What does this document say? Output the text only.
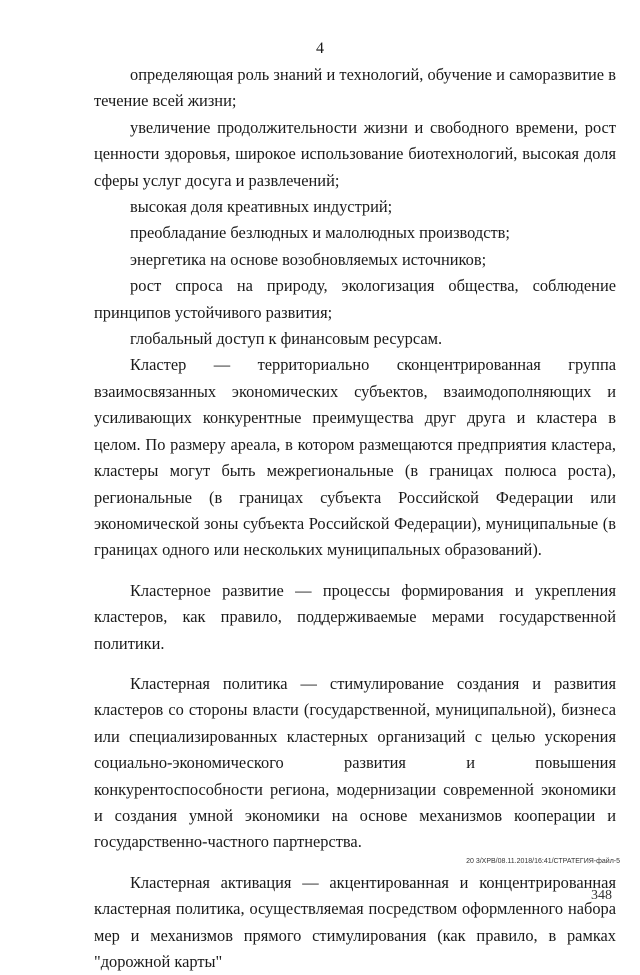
4

определяющая роль знаний и технологий, обучение и саморазвитие в течение всей жизни;

увеличение продолжительности жизни и свободного времени, рост ценности здоровья, широкое использование биотехнологий, высокая доля сферы услуг досуга и развлечений;

высокая доля креативных индустрий;

преобладание безлюдных и малолюдных производств;

энергетика на основе возобновляемых источников;

рост спроса на природу, экологизация общества, соблюдение принципов устойчивого развития;

глобальный доступ к финансовым ресурсам.

Кластер — территориально сконцентрированная группа взаимосвязанных экономических субъектов, взаимодополняющих и усиливающих конкурентные преимущества друг друга и кластера в целом. По размеру ареала, в котором размещаются предприятия кластера, кластеры могут быть межрегиональные (в границах полюса роста), региональные (в границах субъекта Российской Федерации или экономической зоны субъекта Российской Федерации), муниципальные (в границах одного или нескольких муниципальных образований).

Кластерное развитие — процессы формирования и укрепления кластеров, как правило, поддерживаемые мерами государственной политики.

Кластерная политика — стимулирование создания и развития кластеров со стороны власти (государственной, муниципальной), бизнеса или специализированных кластерных организаций с целью ускорения социально-экономического развития и повышения конкурентоспособности региона, модернизации современной экономики и создания умной экономики на основе механизмов кооперации и государственно-частного партнерства.

Кластерная активация — акцентированная и концентрированная кластерная политика, осуществляемая посредством оформленного набора мер и механизмов прямого стимулирования (как правило, в рамках "дорожной карты"

20 3/ХРВ/08.11.2018/16:41/СТРАТЕГИЯ-файл-5
348
